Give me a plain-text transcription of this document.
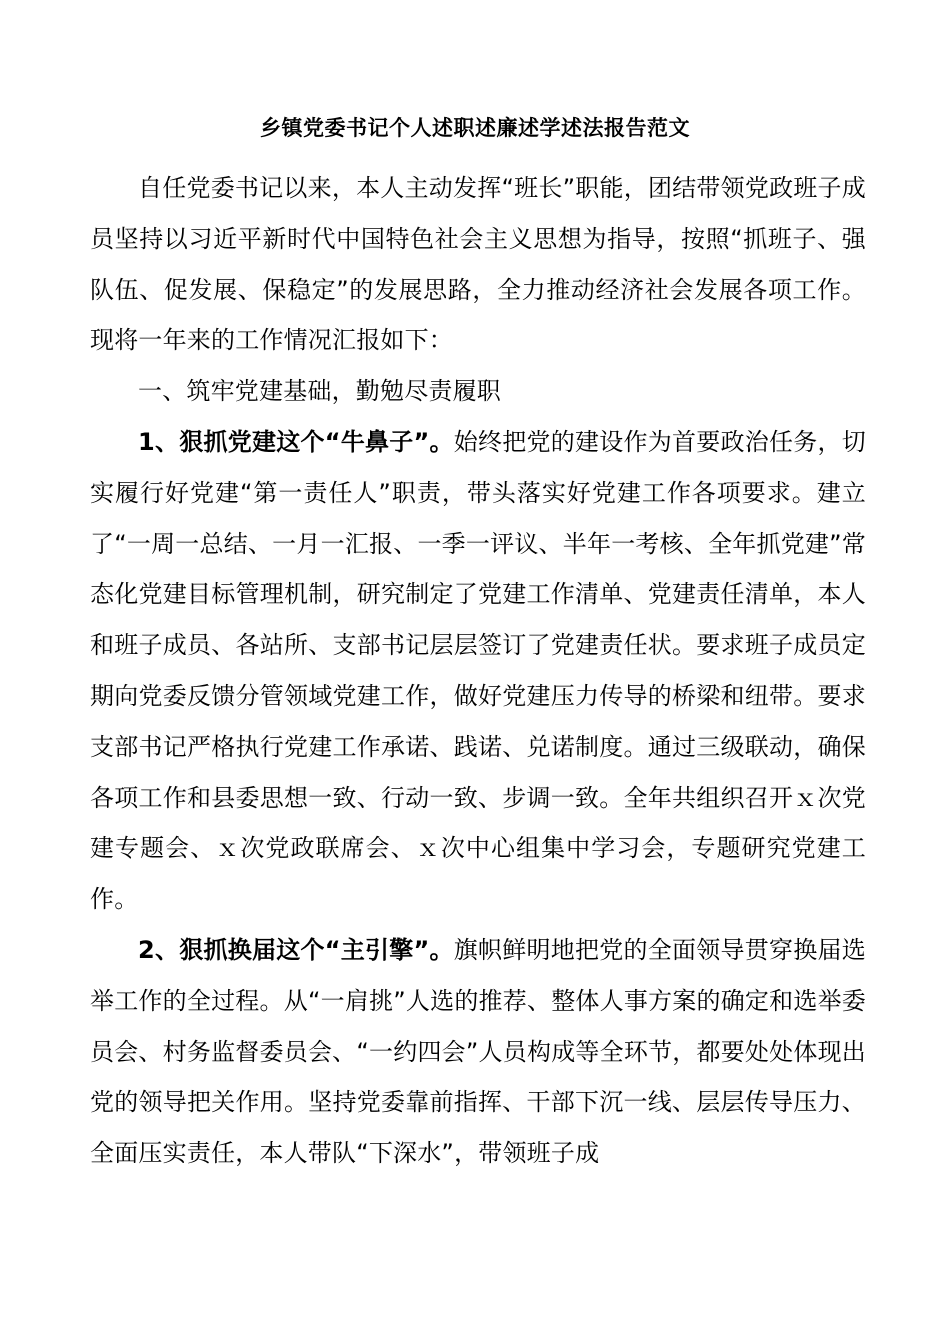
乡镇党委书记个人述职述廉述学述法报告范文

自任党委书记以来，本人主动发挥“班长”职能，团结带领党政班子成员坚持以习近平新时代中国特色社会主义思想为指导，按照“抓班子、强队伍、促发展、保稳定”的发展思路，全力推动经济社会发展各项工作。现将一年来的工作情况汇报如下：

一、筑牢党建基础，勤勉尽责履职

1、狠抓党建这个“牛鼻子”。始终把党的建设作为首要政治任务，切实履行好党建“第一责任人”职责，带头落实好党建工作各项要求。建立了“一周一总结、一月一汇报、一季一评议、半年一考核、全年抓党建”常态化党建目标管理机制，研究制定了党建工作清单、党建责任清单，本人和班子成员、各站所、支部书记层层签订了党建责任状。要求班子成员定期向党委反馈分管领域党建工作，做好党建压力传导的桥梁和纽带。要求支部书记严格执行党建工作承诺、践诺、兑诺制度。通过三级联动，确保各项工作和县委思想一致、行动一致、步调一致。全年共组织召开ｘ次党建专题会、ｘ次党政联席会、ｘ次中心组集中学习会，专题研究党建工作。

2、狠抓换届这个“主引擎”。旗帜鲜明地把党的全面领导贯穿换届选举工作的全过程。从“一肩挑”人选的推荐、整体人事方案的确定和选举委员会、村务监督委员会、“一约四会”人员构成等全环节，都要处处体现出党的领导把关作用。坚持党委靠前指挥、干部下沉一线、层层传导压力、全面压实责任，本人带队“下深水”，带领班子成
